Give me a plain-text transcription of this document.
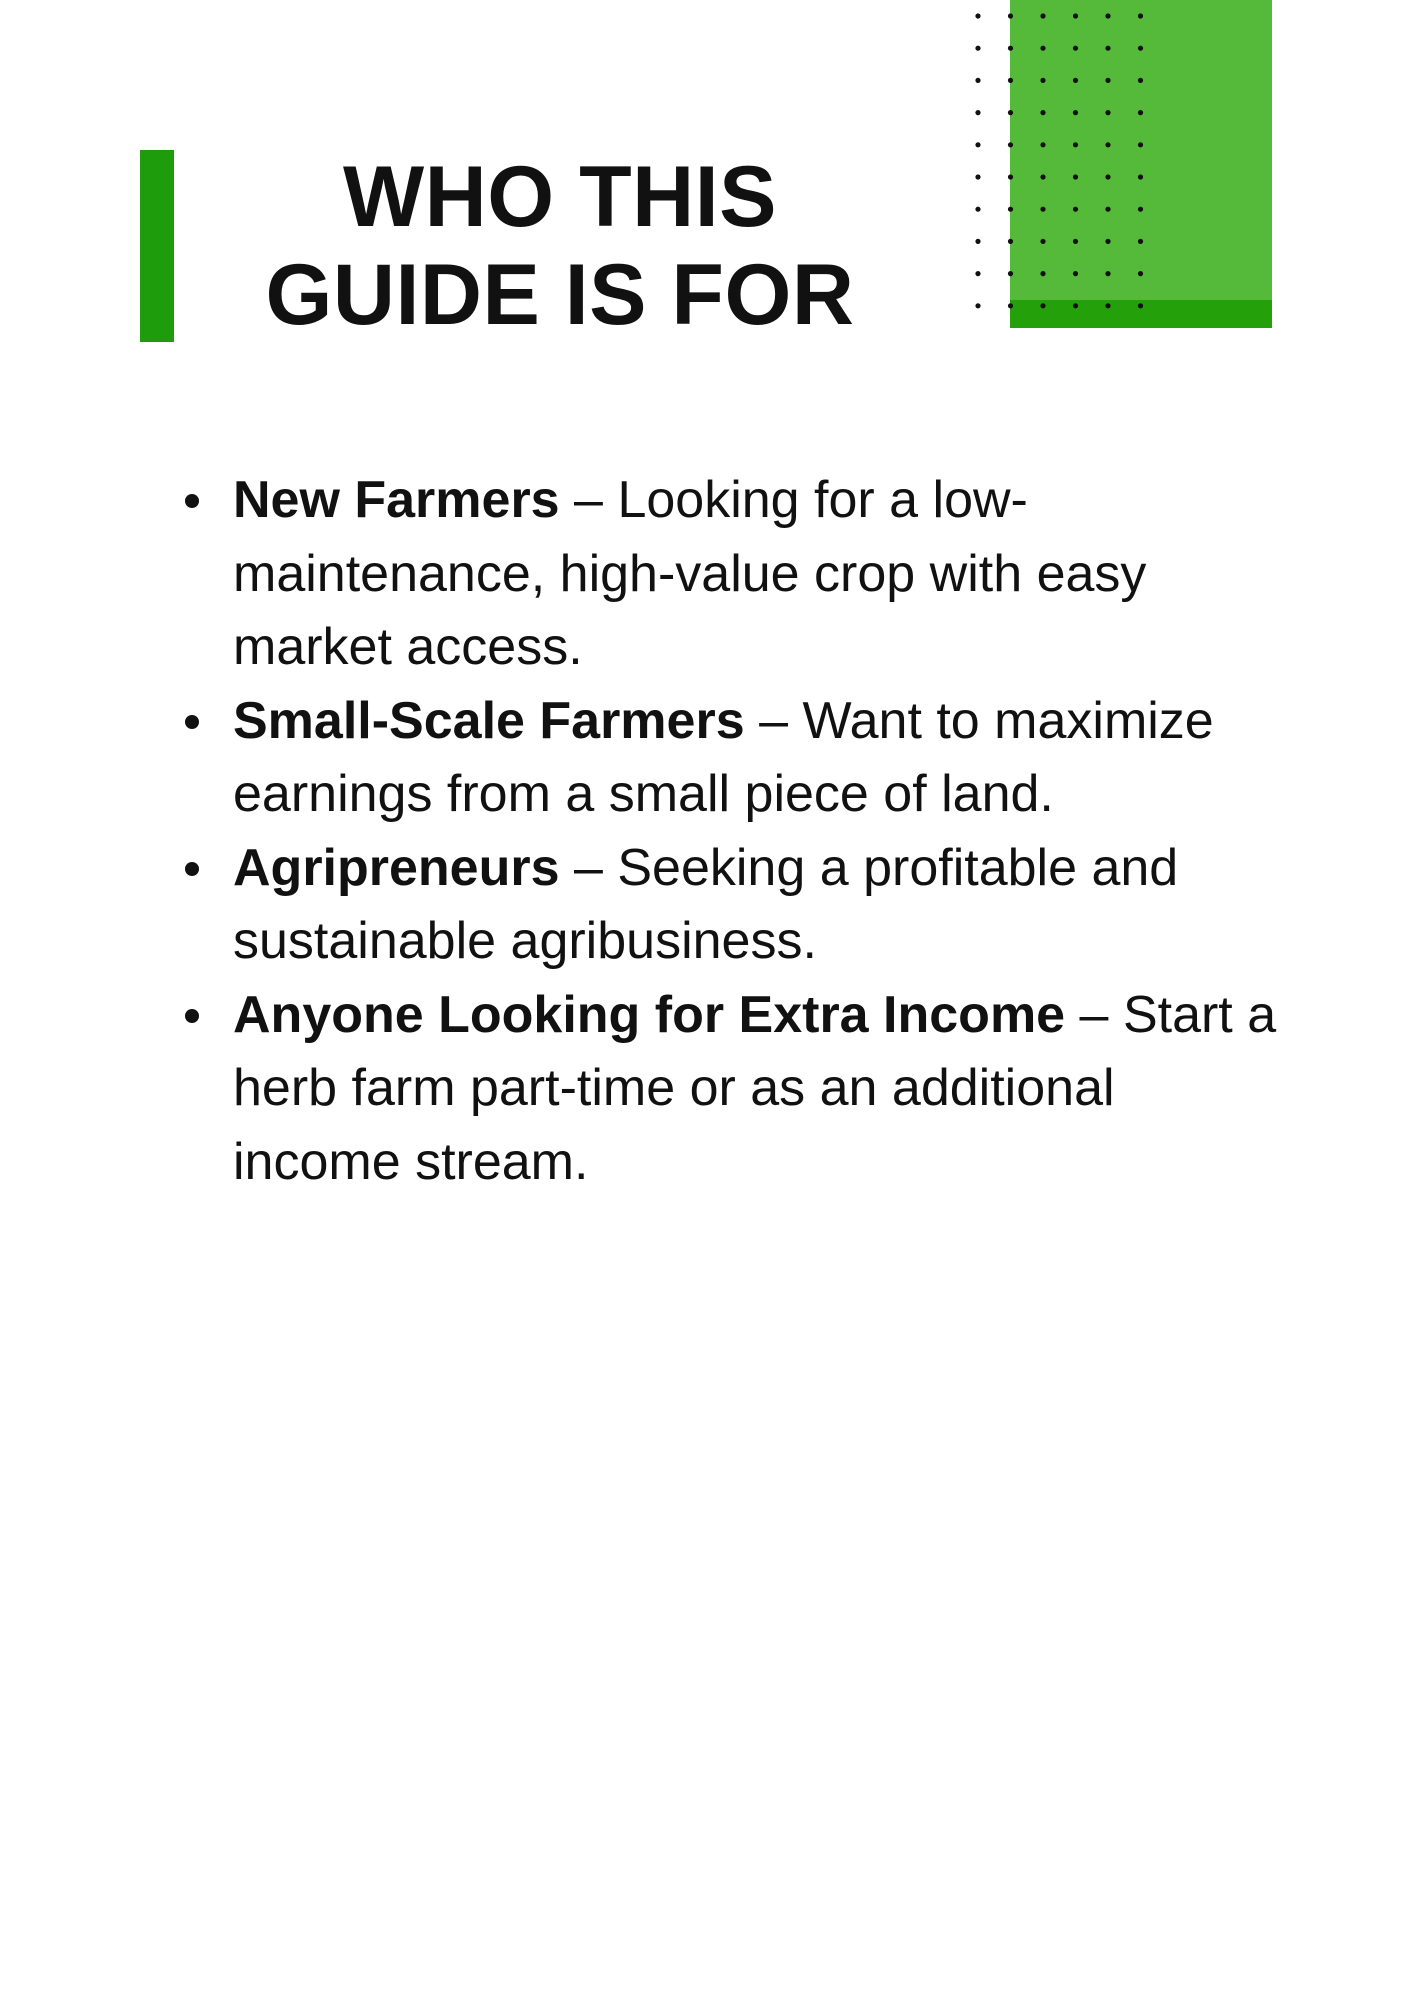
WHO THIS
GUIDE IS FOR
New Farmers – Looking for a low-maintenance, high-value crop with easy market access.
Small-Scale Farmers – Want to maximize earnings from a small piece of land.
Agripreneurs – Seeking a profitable and sustainable agribusiness.
Anyone Looking for Extra Income – Start a herb farm part-time or as an additional income stream.
